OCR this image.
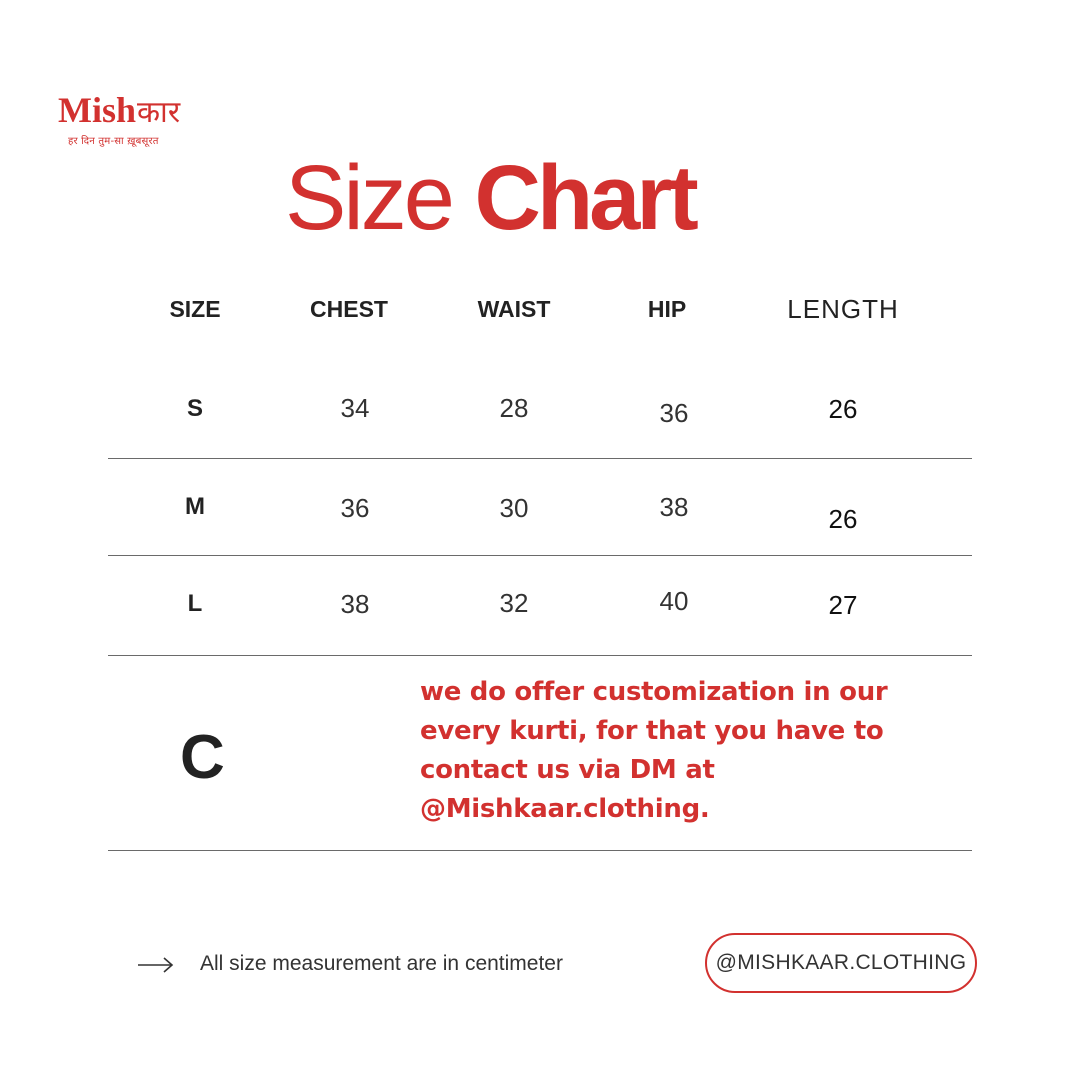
Mish कार
हर दिन तुम-सा ख़ूबसूरत
Size Chart
SIZE	CHEST	WAIST	HIP	LENGTH
S	34	28	36	26
M	36	30	38	26
L	38	32	40	27
C
we do offer customization in our every kurti, for that you have to contact us via DM at @Mishkaar.clothing.
All size measurement are in centimeter	@MISHKAAR.CLOTHING
